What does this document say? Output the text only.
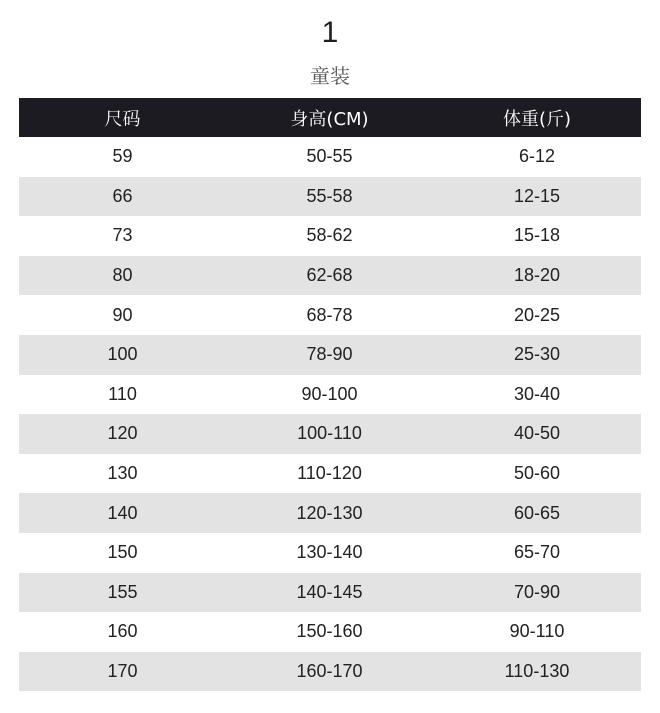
1
童装
尺码	身高(CM)	体重(斤)
59	50-55	6-12
66	55-58	12-15
73	58-62	15-18
80	62-68	18-20
90	68-78	20-25
100	78-90	25-30
110	90-100	30-40
120	100-110	40-50
130	110-120	50-60
140	120-130	60-65
150	130-140	65-70
155	140-145	70-90
160	150-160	90-110
170	160-170	110-130
